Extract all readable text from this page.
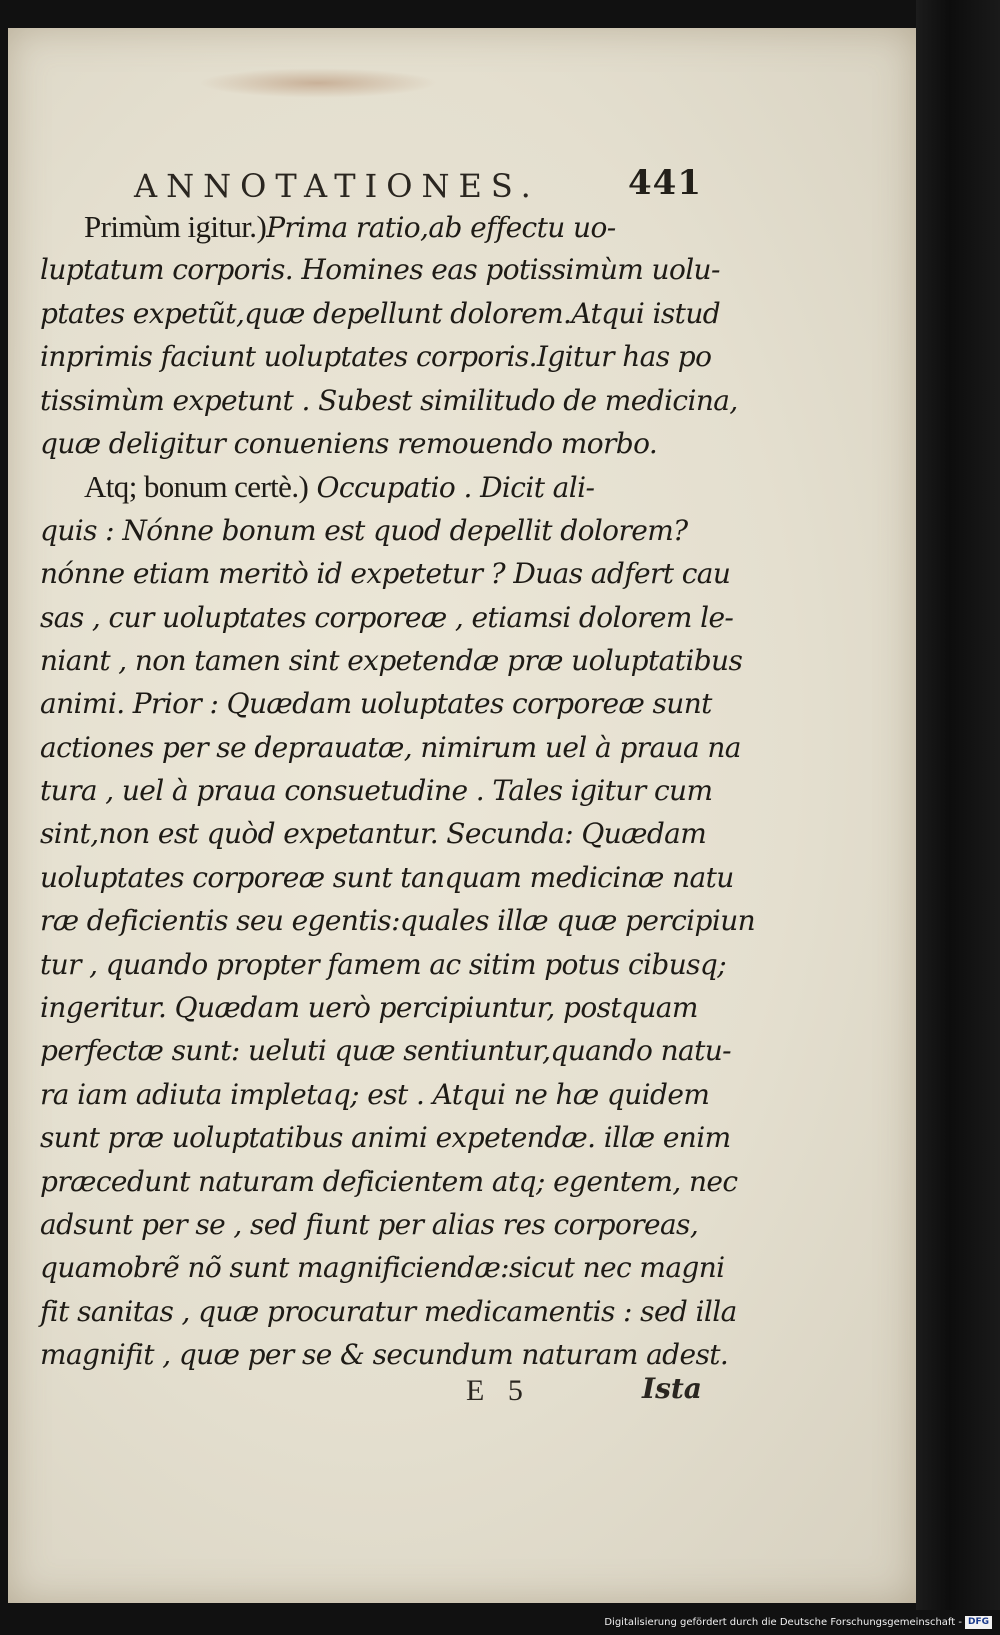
ANNOTATIONES.	441
Primùm igitur.)Prima ratio,ab effectu uo-
luptatum corporis. Homines eas potissimùm uolu-
ptates expetũt,quæ depellunt dolorem.Atqui istud
inprimis faciunt uoluptates corporis.Igitur has po
tissimùm expetunt . Subest similitudo de medicina,
quæ deligitur conueniens remouendo morbo.
Atq; bonum certè.) Occupatio . Dicit ali-
quis : Nónne bonum est quod depellit dolorem?
nónne etiam meritò id expetetur ? Duas adfert cau
sas , cur uoluptates corporeæ , etiamsi dolorem le-
niant , non tamen sint expetendæ præ uoluptatibus
animi. Prior : Quædam uoluptates corporeæ sunt
actiones per se deprauatæ, nimirum uel à praua na
tura , uel à praua consuetudine . Tales igitur cum
sint,non est quòd expetantur. Secunda: Quædam
uoluptates corporeæ sunt tanquam medicinæ natu
ræ deficientis seu egentis:quales illæ quæ percipiun
tur , quando propter famem ac sitim potus cibusq;
ingeritur. Quædam uerò percipiuntur, postquam
perfectæ sunt: ueluti quæ sentiuntur,quando natu-
ra iam adiuta impletaq; est . Atqui ne hæ quidem
sunt præ uoluptatibus animi expetendæ. illæ enim
præcedunt naturam deficientem atq; egentem, nec
adsunt per se , sed fiunt per alias res corporeas,
quamobrẽ nõ sunt magnificiendæ:sicut nec magni
fit sanitas , quæ procuratur medicamentis : sed illa
magnifit , quæ per se & secundum naturam adest.
E 5	Ista
Digitalisierung gefördert durch die Deutsche Forschungsgemeinschaft - DFG
